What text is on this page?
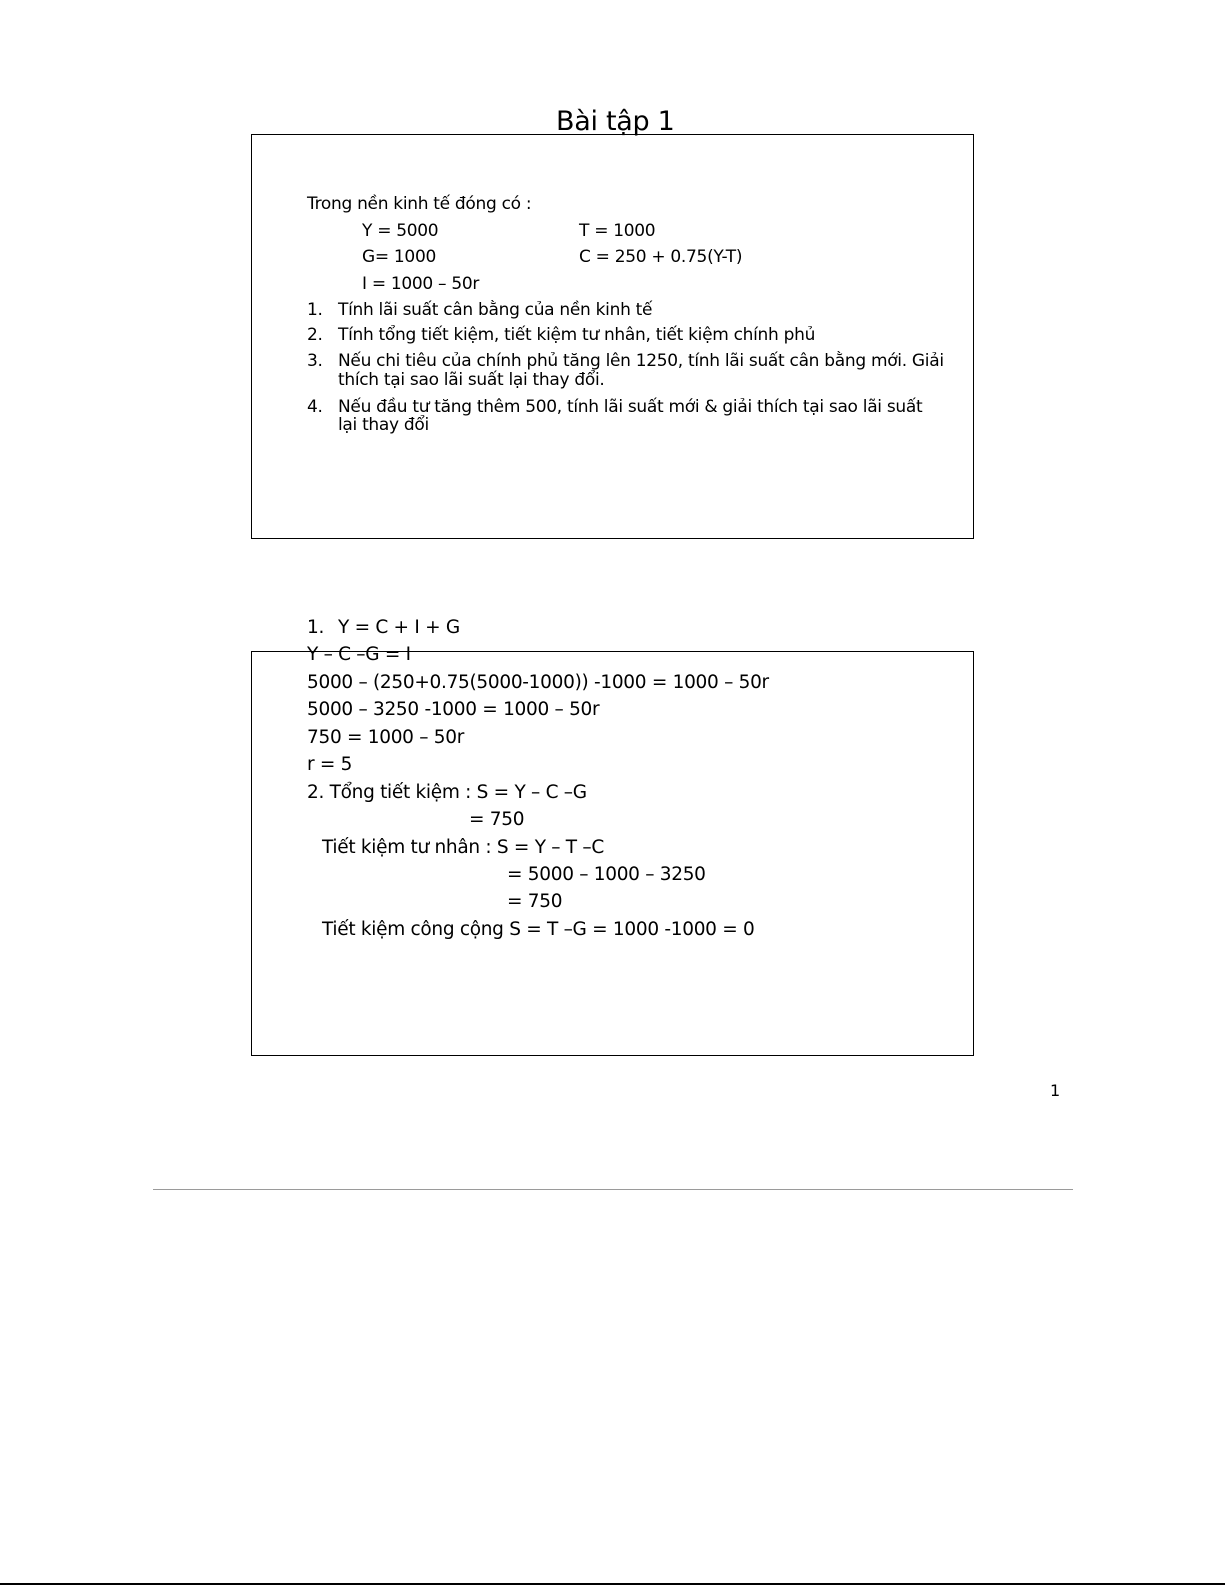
Bài tập 1
Trong nền kinh tế đóng có :
Y = 5000	T = 1000
G= 1000	C = 250 + 0.75(Y-T)
I = 1000 – 50r
1. Tính lãi suất cân bằng của nền kinh tế
2. Tính tổng tiết kiệm, tiết kiệm tư nhân, tiết kiệm chính phủ
3. Nếu chi tiêu của chính phủ tăng lên 1250, tính lãi suất cân bằng mới. Giải
thích tại sao lãi suất lại thay đổi.
4. Nếu đầu tư tăng thêm 500, tính lãi suất mới & giải thích tại sao lãi suất
lại thay đổi
1. Y = C + I + G
Y – C –G = I
5000 – (250+0.75(5000-1000)) -1000 = 1000 – 50r
5000 – 3250 -1000 = 1000 – 50r
750 = 1000 – 50r
r = 5
2. Tổng tiết kiệm : S = Y – C –G
= 750
Tiết kiệm tư nhân : S = Y – T –C
= 5000 – 1000 – 3250
= 750
Tiết kiệm công cộng S = T –G = 1000 -1000 = 0
1
